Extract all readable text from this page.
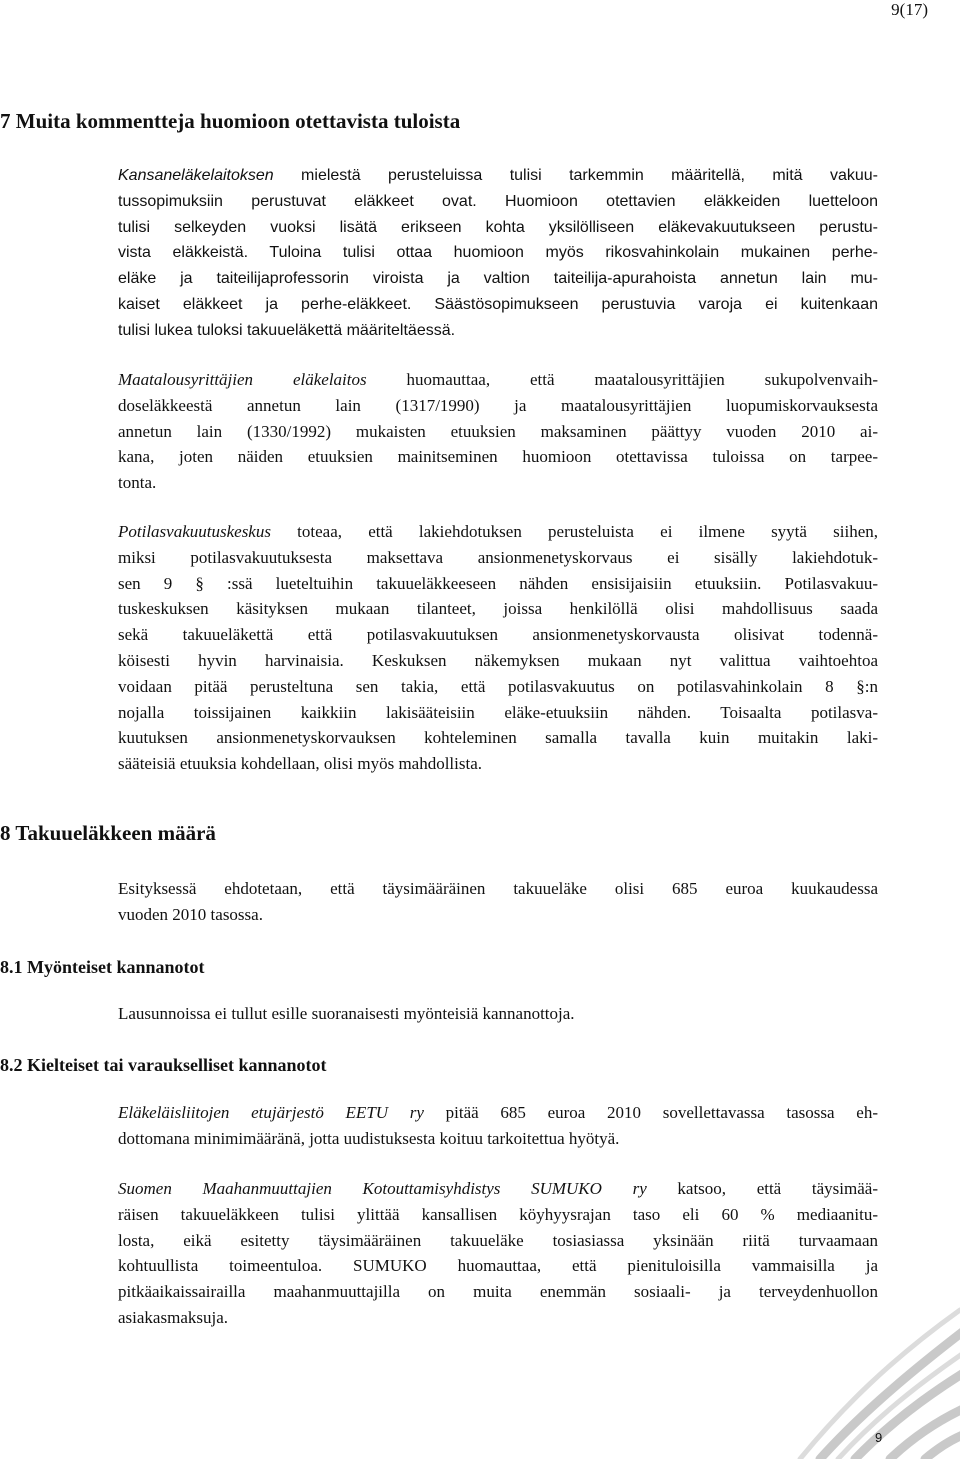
9(17)
7 Muita kommentteja huomioon otettavista tuloista
Kansaneläkelaitoksen mielestä perusteluissa tulisi tarkemmin määritellä, mitä vakuu-
tussopimuksiin perustuvat eläkkeet ovat. Huomioon otettavien eläkkeiden luetteloon
tulisi selkeyden vuoksi lisätä erikseen kohta yksilölliseen eläkevakuutukseen perustu-
vista eläkkeistä. Tuloina tulisi ottaa huomioon myös rikosvahinkolain mukainen perhe-
eläke ja taiteilijaprofessorin viroista ja valtion taiteilija-apurahoista annetun lain mu-
kaiset eläkkeet ja perhe-eläkkeet. Säästösopimukseen perustuvia varoja ei kuitenkaan
tulisi lukea tuloksi takuueläkettä määriteltäessä.
Maatalousyrittäjien eläkelaitos huomauttaa, että maatalousyrittäjien sukupolvenvaih-
doseläkkeestä annetun lain (1317/1990) ja maatalousyrittäjien luopumiskorvauksesta
annetun lain (1330/1992) mukaisten etuuksien maksaminen päättyy vuoden 2010 ai-
kana, joten näiden etuuksien mainitseminen huomioon otettavissa tuloissa on tarpee-
tonta.
Potilasvakuutuskeskus toteaa, että lakiehdotuksen perusteluista ei ilmene syytä siihen,
miksi potilasvakuutuksesta maksettava ansionmenetyskorvaus ei sisälly lakiehdotuk-
sen 9 § :ssä lueteltuihin takuueläkkeeseen nähden ensisijaisiin etuuksiin. Potilasvakuu-
tuskeskuksen käsityksen mukaan tilanteet, joissa henkilöllä olisi mahdollisuus saada
sekä takuueläkettä että potilasvakuutuksen ansionmenetyskorvausta olisivat todennä-
köisesti hyvin harvinaisia. Keskuksen näkemyksen mukaan nyt valittua vaihtoehtoa
voidaan pitää perusteltuna sen takia, että potilasvakuutus on potilasvahinkolain 8 §:n
nojalla toissijainen kaikkiin lakisääteisiin eläke-etuuksiin nähden. Toisaalta potilasva-
kuutuksen ansionmenetyskorvauksen kohteleminen samalla tavalla kuin muitakin laki-
sääteisiä etuuksia kohdellaan, olisi myös mahdollista.
8 Takuueläkkeen määrä
Esityksessä ehdotetaan, että täysimääräinen takuueläke olisi 685 euroa kuukaudessa
vuoden 2010 tasossa.
8.1 Myönteiset kannanotot
Lausunnoissa ei tullut esille suoranaisesti myönteisiä kannanottoja.
8.2 Kielteiset tai varaukselliset kannanotot
Eläkeläisliitojen etujärjestö EETU ry pitää 685 euroa 2010 sovellettavassa tasossa eh-
dottomana minimimääränä, jotta uudistuksesta koituu tarkoitettua hyötyä.
Suomen Maahanmuuttajien Kotouttamisyhdistys SUMUKO ry katsoo, että täysimää-
räisen takuueläkkeen tulisi ylittää kansallisen köyhyysrajan taso eli 60 % mediaanitu-
losta, eikä esitetty täysimääräinen takuueläke tosiasiassa yksinään riitä turvaamaan
kohtuullista toimeentuloa. SUMUKO huomauttaa, että pienituloisilla vammaisilla ja
pitkäaikaissairailla maahanmuuttajilla on muita enemmän sosiaali- ja terveydenhuollon
asiakasmaksuja.
9
